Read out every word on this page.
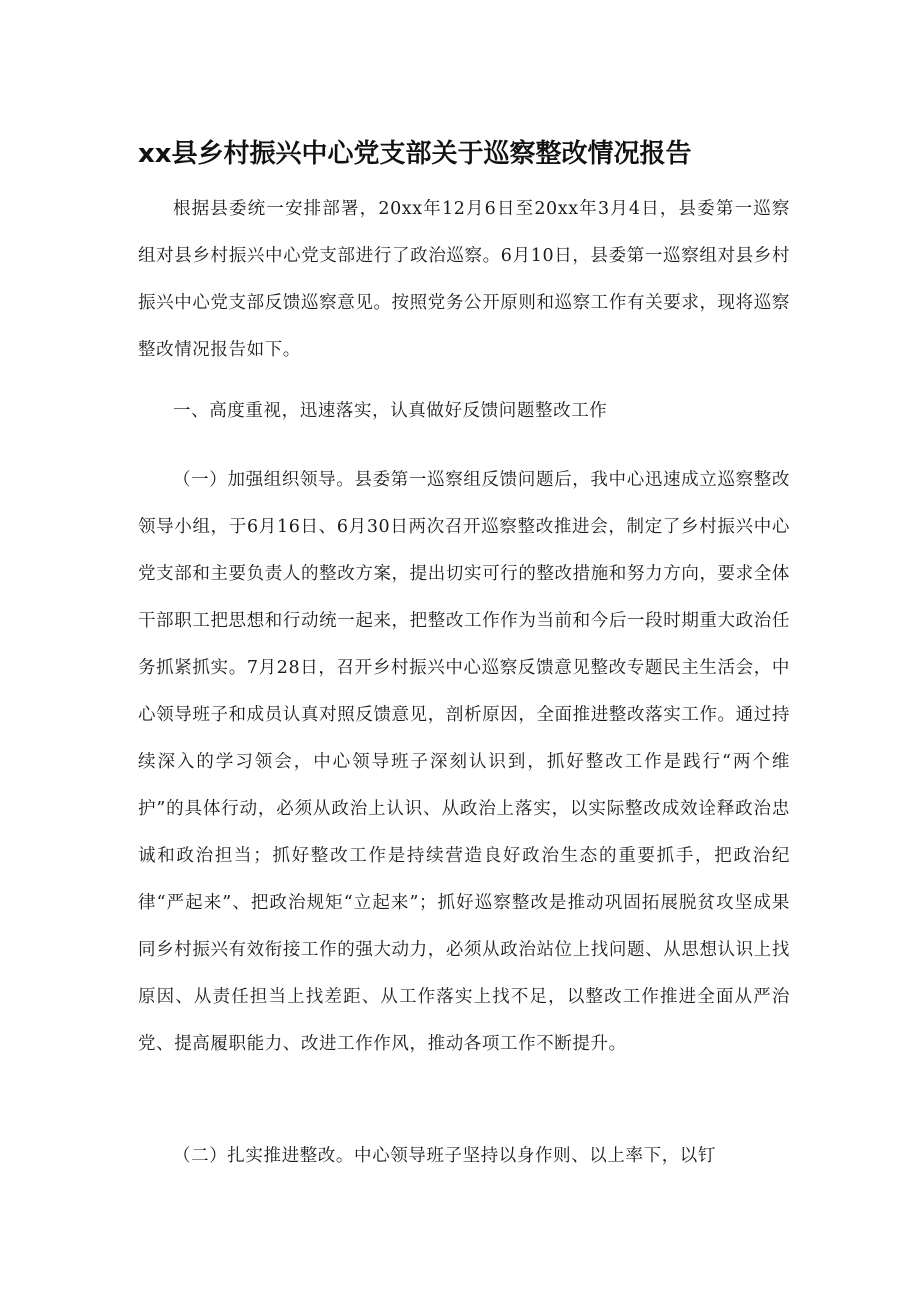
xx县乡村振兴中心党支部关于巡察整改情况报告

根据县委统一安排部署，20xx年12月6日至20xx年3月4日，县委第一巡察组对县乡村振兴中心党支部进行了政治巡察。6月10日，县委第一巡察组对县乡村振兴中心党支部反馈巡察意见。按照党务公开原则和巡察工作有关要求，现将巡察整改情况报告如下。

一、高度重视，迅速落实，认真做好反馈问题整改工作

（一）加强组织领导。县委第一巡察组反馈问题后，我中心迅速成立巡察整改领导小组，于6月16日、6月30日两次召开巡察整改推进会，制定了乡村振兴中心党支部和主要负责人的整改方案，提出切实可行的整改措施和努力方向，要求全体干部职工把思想和行动统一起来，把整改工作作为当前和今后一段时期重大政治任务抓紧抓实。7月28日，召开乡村振兴中心巡察反馈意见整改专题民主生活会，中心领导班子和成员认真对照反馈意见，剖析原因，全面推进整改落实工作。通过持续深入的学习领会，中心领导班子深刻认识到，抓好整改工作是践行“两个维护”的具体行动，必须从政治上认识、从政治上落实，以实际整改成效诠释政治忠诚和政治担当；抓好整改工作是持续营造良好政治生态的重要抓手，把政治纪律“严起来”、把政治规矩“立起来”；抓好巡察整改是推动巩固拓展脱贫攻坚成果同乡村振兴有效衔接工作的强大动力，必须从政治站位上找问题、从思想认识上找原因、从责任担当上找差距、从工作落实上找不足，以整改工作推进全面从严治党、提高履职能力、改进工作作风，推动各项工作不断提升。

（二）扎实推进整改。中心领导班子坚持以身作则、以上率下，以钉
